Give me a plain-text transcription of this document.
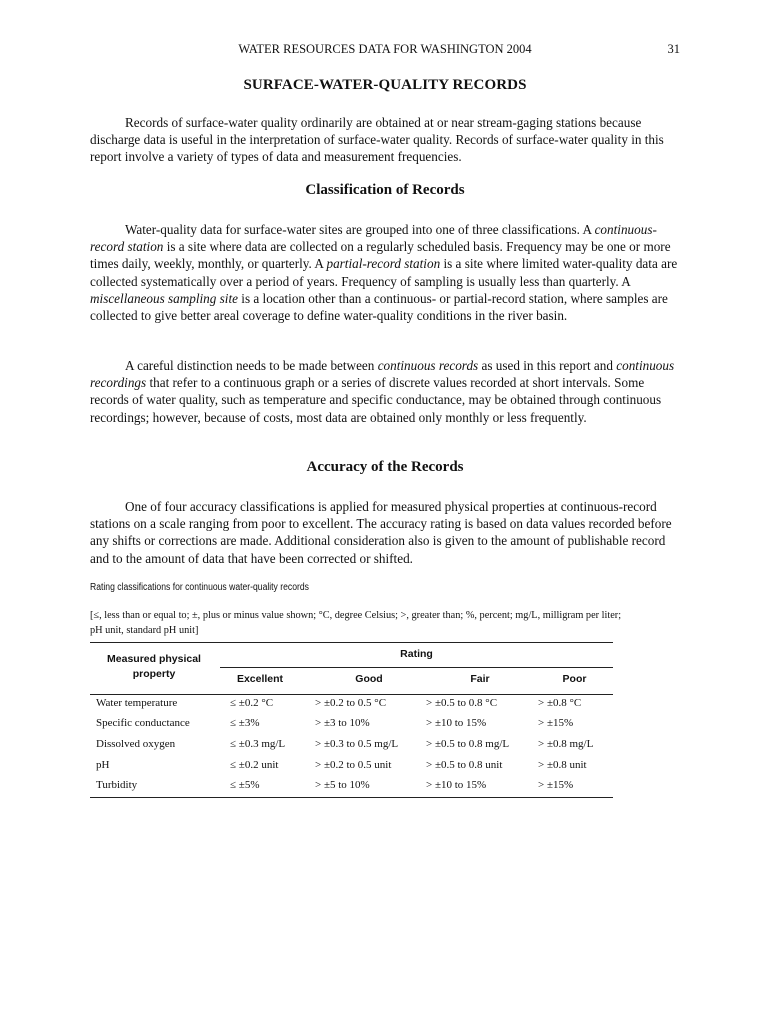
WATER RESOURCES DATA FOR WASHINGTON 2004	31
SURFACE-WATER-QUALITY RECORDS

Records of surface-water quality ordinarily are obtained at or near stream-gaging stations because discharge data is useful in the interpretation of surface-water quality. Records of surface-water quality in this report involve a variety of types of data and measurement frequencies.

Classification of Records

Water-quality data for surface-water sites are grouped into one of three classifications. A continuous-record station is a site where data are collected on a regularly scheduled basis. Frequency may be one or more times daily, weekly, monthly, or quarterly. A partial-record station is a site where limited water-quality data are collected systematically over a period of years. Frequency of sampling is usually less than quarterly. A miscellaneous sampling site is a location other than a continuous- or partial-record station, where samples are collected to give better areal coverage to define water-quality conditions in the river basin.

A careful distinction needs to be made between continuous records as used in this report and continuous recordings that refer to a continuous graph or a series of discrete values recorded at short intervals. Some records of water quality, such as temperature and specific conductance, may be obtained through continuous recordings; however, because of costs, most data are obtained only monthly or less frequently.

Accuracy of the Records

One of four accuracy classifications is applied for measured physical properties at continuous-record stations on a scale ranging from poor to excellent. The accuracy rating is based on data values recorded before any shifts or corrections are made. Additional consideration also is given to the amount of publishable record and to the amount of data that have been corrected or shifted.

Rating classifications for continuous water-quality records
[≤, less than or equal to; ±, plus or minus value shown; °C, degree Celsius; >, greater than; %, percent; mg/L, milligram per liter; pH unit, standard pH unit]
Measured physical property
Rating
Excellent	Good	Fair	Poor
Water temperature	≤ ±0.2 °C	> ±0.2 to 0.5 °C	> ±0.5 to 0.8 °C	> ±0.8 °C
Specific conductance	≤ ±3%	> ±3 to 10%	> ±10 to 15%	> ±15%
Dissolved oxygen	≤ ±0.3 mg/L	> ±0.3 to 0.5 mg/L	> ±0.5 to 0.8 mg/L	> ±0.8 mg/L
pH	≤ ±0.2 unit	> ±0.2 to 0.5 unit	> ±0.5 to 0.8 unit	> ±0.8 unit
Turbidity	≤ ±5%	> ±5 to 10%	> ±10 to 15%	> ±15%
